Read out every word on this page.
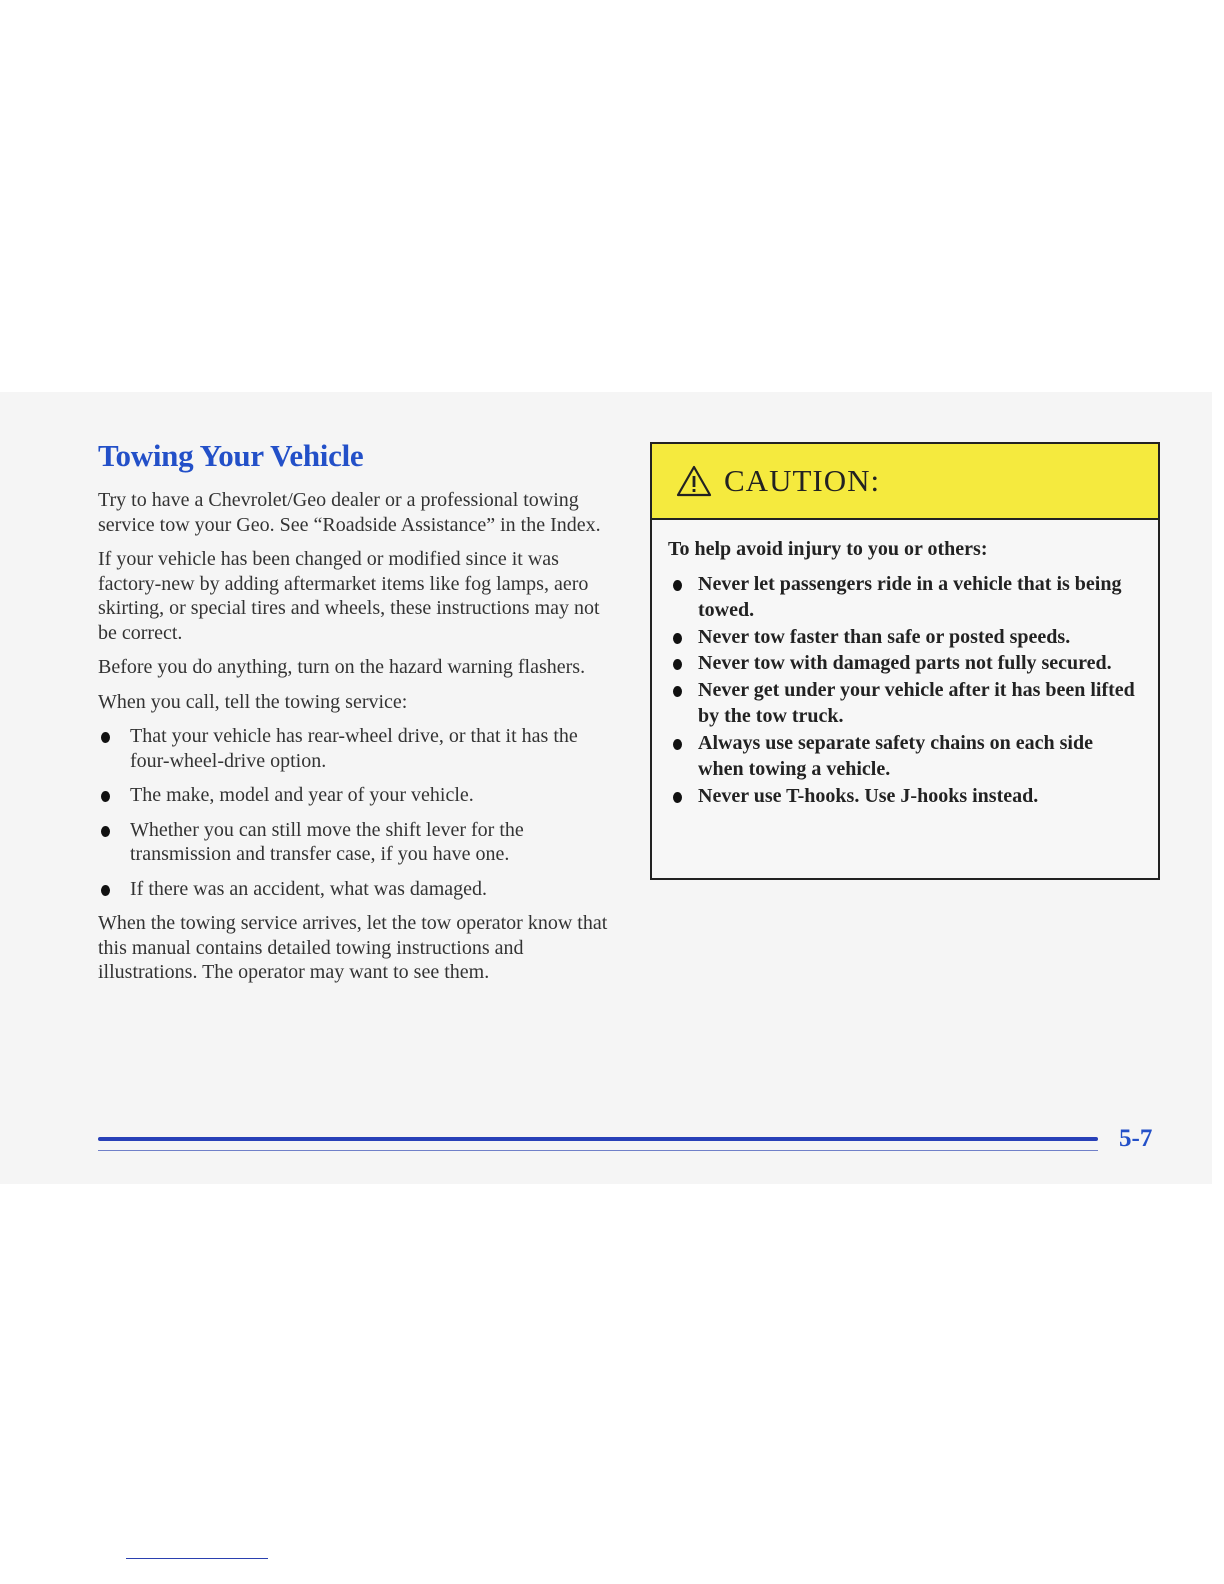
Towing Your Vehicle

Try to have a Chevrolet/Geo dealer or a professional towing service tow your Geo. See “Roadside Assistance” in the Index.

If your vehicle has been changed or modified since it was factory-new by adding aftermarket items like fog lamps, aero skirting, or special tires and wheels, these instructions may not be correct.

Before you do anything, turn on the hazard warning flashers.

When you call, tell the towing service:

That your vehicle has rear-wheel drive, or that it has the four-wheel-drive option.
The make, model and year of your vehicle.
Whether you can still move the shift lever for the transmission and transfer case, if you have one.
If there was an accident, what was damaged.

When the towing service arrives, let the tow operator know that this manual contains detailed towing instructions and illustrations. The operator may want to see them.

CAUTION:

To help avoid injury to you or others:

Never let passengers ride in a vehicle that is being towed.
Never tow faster than safe or posted speeds.
Never tow with damaged parts not fully secured.
Never get under your vehicle after it has been lifted by the tow truck.
Always use separate safety chains on each side when towing a vehicle.
Never use T-hooks. Use J-hooks instead.
5-7
